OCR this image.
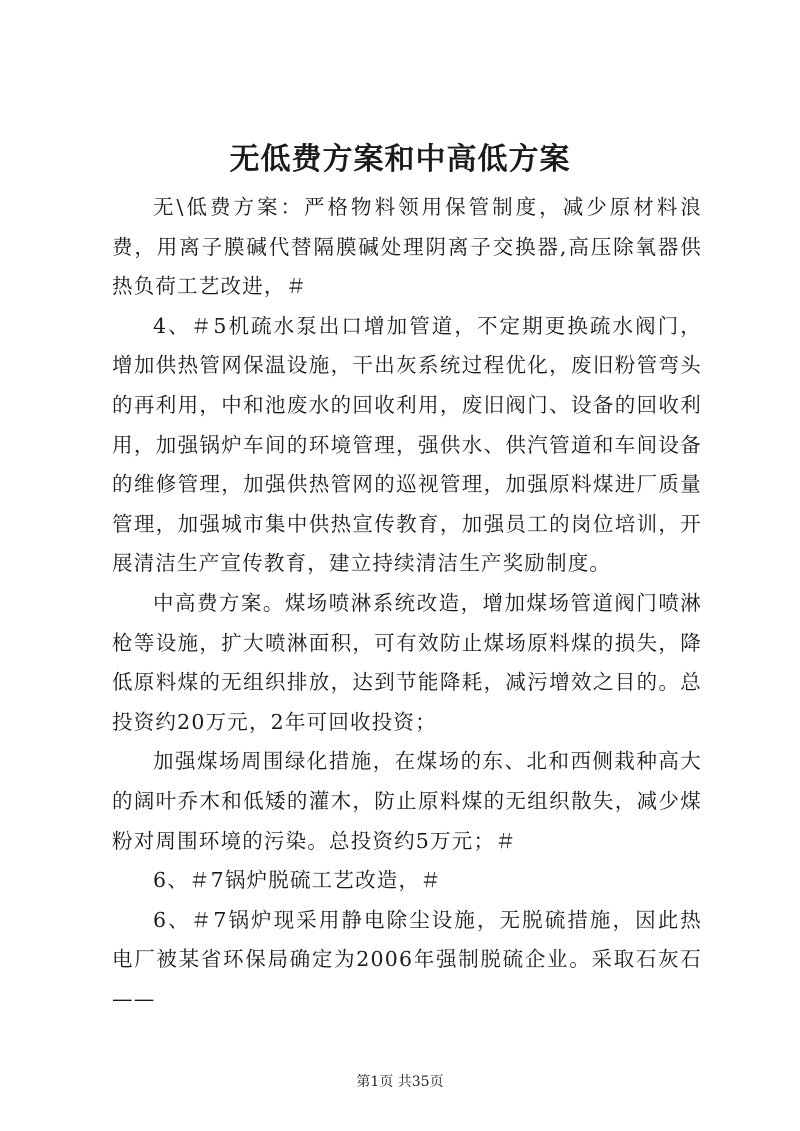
无低费方案和中高低方案

无\低费方案：严格物料领用保管制度，减少原材料浪费，用离子膜碱代替隔膜碱处理阴离子交换器,高压除氧器供热负荷工艺改进，＃

4、＃5机疏水泵出口增加管道，不定期更换疏水阀门，增加供热管网保温设施，干出灰系统过程优化，废旧粉管弯头的再利用，中和池废水的回收利用，废旧阀门、设备的回收利用，加强锅炉车间的环境管理，强供水、供汽管道和车间设备的维修管理，加强供热管网的巡视管理，加强原料煤进厂质量管理，加强城市集中供热宣传教育，加强员工的岗位培训，开展清洁生产宣传教育，建立持续清洁生产奖励制度。

中高费方案。煤场喷淋系统改造，增加煤场管道阀门喷淋枪等设施，扩大喷淋面积，可有效防止煤场原料煤的损失，降低原料煤的无组织排放，达到节能降耗，减污增效之目的。总投资约20万元，2年可回收投资；

加强煤场周围绿化措施，在煤场的东、北和西侧栽种高大的阔叶乔木和低矮的灌木，防止原料煤的无组织散失，减少煤粉对周围环境的污染。总投资约5万元；＃

6、＃7锅炉脱硫工艺改造，＃

6、＃7锅炉现采用静电除尘设施，无脱硫措施，因此热电厂被某省环保局确定为2006年强制脱硫企业。采取石灰石——

第1页 共35页
